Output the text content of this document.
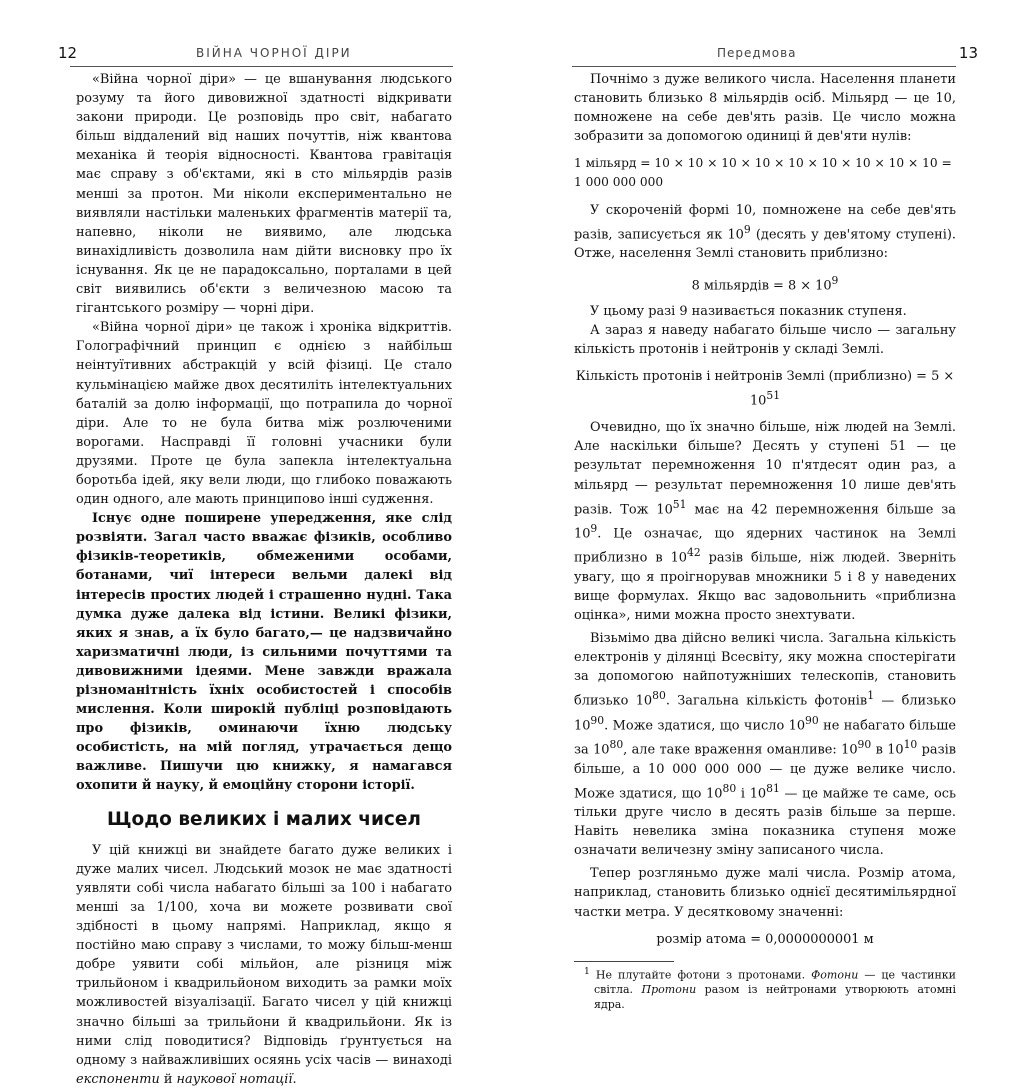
12	ВІЙНА ЧОРНОЇ ДІРИ

«Війна чорної діри» — це вшанування людського розуму та його дивовижної здатності відкривати закони природи. Це розповідь про світ, набагато більш віддалений від наших почуттів, ніж квантова механіка й теорія відносності. Квантова гравітація має справу з об'єктами, які в сто мільярдів разів менші за протон. Ми ніколи експериментально не виявляли настільки маленьких фрагментів матерії та, напевно, ніколи не виявимо, але людська винахідливість дозволила нам дійти висновку про їх існування. Як це не парадоксально, порталами в цей світ виявились об'єкти з величезною масою та гігантського розміру — чорні діри.

«Війна чорної діри» це також і хроніка відкриттів. Голографічний принцип є однією з найбільш неінтуїтивних абстракцій у всій фізиці. Це стало кульмінацією майже двох десятиліть інтелектуальних баталій за долю інформації, що потрапила до чорної діри. Але то не була битва між розлюченими ворогами. Насправді її головні учасники були друзями. Проте це була запекла інтелектуальна боротьба ідей, яку вели люди, що глибоко поважають один одного, але мають принципово інші судження.

Існує одне поширене упередження, яке слід розвіяти. Загал часто вважає фізиків, особливо фізиків-теоретиків, обмеженими особами, ботанами, чиї інтереси вельми далекі від інтересів простих людей і страшенно нудні. Така думка дуже далека від істини. Великі фізики, яких я знав, а їх було багато,— це надзвичайно харизматичні люди, із сильними почуттями та дивовижними ідеями. Мене завжди вражала різноманітність їхніх особистостей і способів мислення. Коли широкій публіці розповідають про фізиків, оминаючи їхню людську особистість, на мій погляд, утрачається дещо важливе. Пишучи цю книжку, я намагався охопити й науку, й емоційну сторони історії.

Щодо великих і малих чисел

У цій книжці ви знайдете багато дуже великих і дуже малих чисел. Людський мозок не має здатності уявляти собі числа набагато більші за 100 і набагато менші за 1/100, хоча ви можете розвивати свої здібності в цьому напрямі. Наприклад, якщо я постійно маю справу з числами, то можу більш-менш добре уявити собі мільйон, але різниця між трильйоном і квадрильйоном виходить за рамки моїх можливостей візуалізації. Багато чисел у цій книжці значно більші за трильйони й квадрильйони. Як із ними слід поводитися? Відповідь ґрунтується на одному з найважливіших осяянь усіх часів — винаході експоненти й наукової нотації.

Передмова	13

Почнімо з дуже великого числа. Населення планети становить близько 8 мільярдів осіб. Мільярд — це 10, помножене на себе дев'ять разів. Це число можна зобразити за допомогою одиниці й дев'яти нулів:

1 мільярд = 10 × 10 × 10 × 10 × 10 × 10 × 10 × 10 × 10 = 1 000 000 000

У скороченій формі 10, помножене на себе дев'ять разів, записується як $10^9$ (десять у дев'ятому ступені). Отже, населення Землі становить приблизно:

8 мільярдів = $8 \times 10^9$

У цьому разі 9 називається показник ступеня.

А зараз я наведу набагато більше число — загальну кількість протонів і нейтронів у складі Землі.

Кількість протонів і нейтронів Землі (приблизно) = $5 \times 10^{51}$

Очевидно, що їх значно більше, ніж людей на Землі. Але наскільки більше? Десять у ступені 51 — це результат перемноження 10 п'ятдесят один раз, а мільярд — результат перемноження 10 лише дев'ять разів. Тож $10^{51}$ має на 42 перемноження більше за $10^9$. Це означає, що ядерних частинок на Землі приблизно в $10^{42}$ разів більше, ніж людей. Зверніть увагу, що я проігнорував множники 5 і 8 у наведених вище формулах. Якщо вас задовольнить «приблизна оцінка», ними можна просто знехтувати.

Візьмімо два дійсно великі числа. Загальна кількість електронів у ділянці Всесвіту, яку можна спостерігати за допомогою найпотужніших телескопів, становить близько $10^{80}$. Загальна кількість фотонів$^1$ — близько $10^{90}$. Може здатися, що число $10^{90}$ не набагато більше за $10^{80}$, але таке враження оманливе: $10^{90}$ в $10^{10}$ разів більше, а 10 000 000 000 — це дуже велике число. Може здатися, що $10^{80}$ і $10^{81}$ — це майже те саме, ось тільки друге число в десять разів більше за перше. Навіть невелика зміна показника ступеня може означати величезну зміну записаного числа.

Тепер розгляньмо дуже малі числа. Розмір атома, наприклад, становить близько однієї десятимільярдної частки метра. У десятковому значенні:

розмір атома = 0,0000000001 м

$^1$ Не плутайте фотони з протонами. Фотони — це частинки світла. Протони разом із нейтронами утворюють атомні ядра.
